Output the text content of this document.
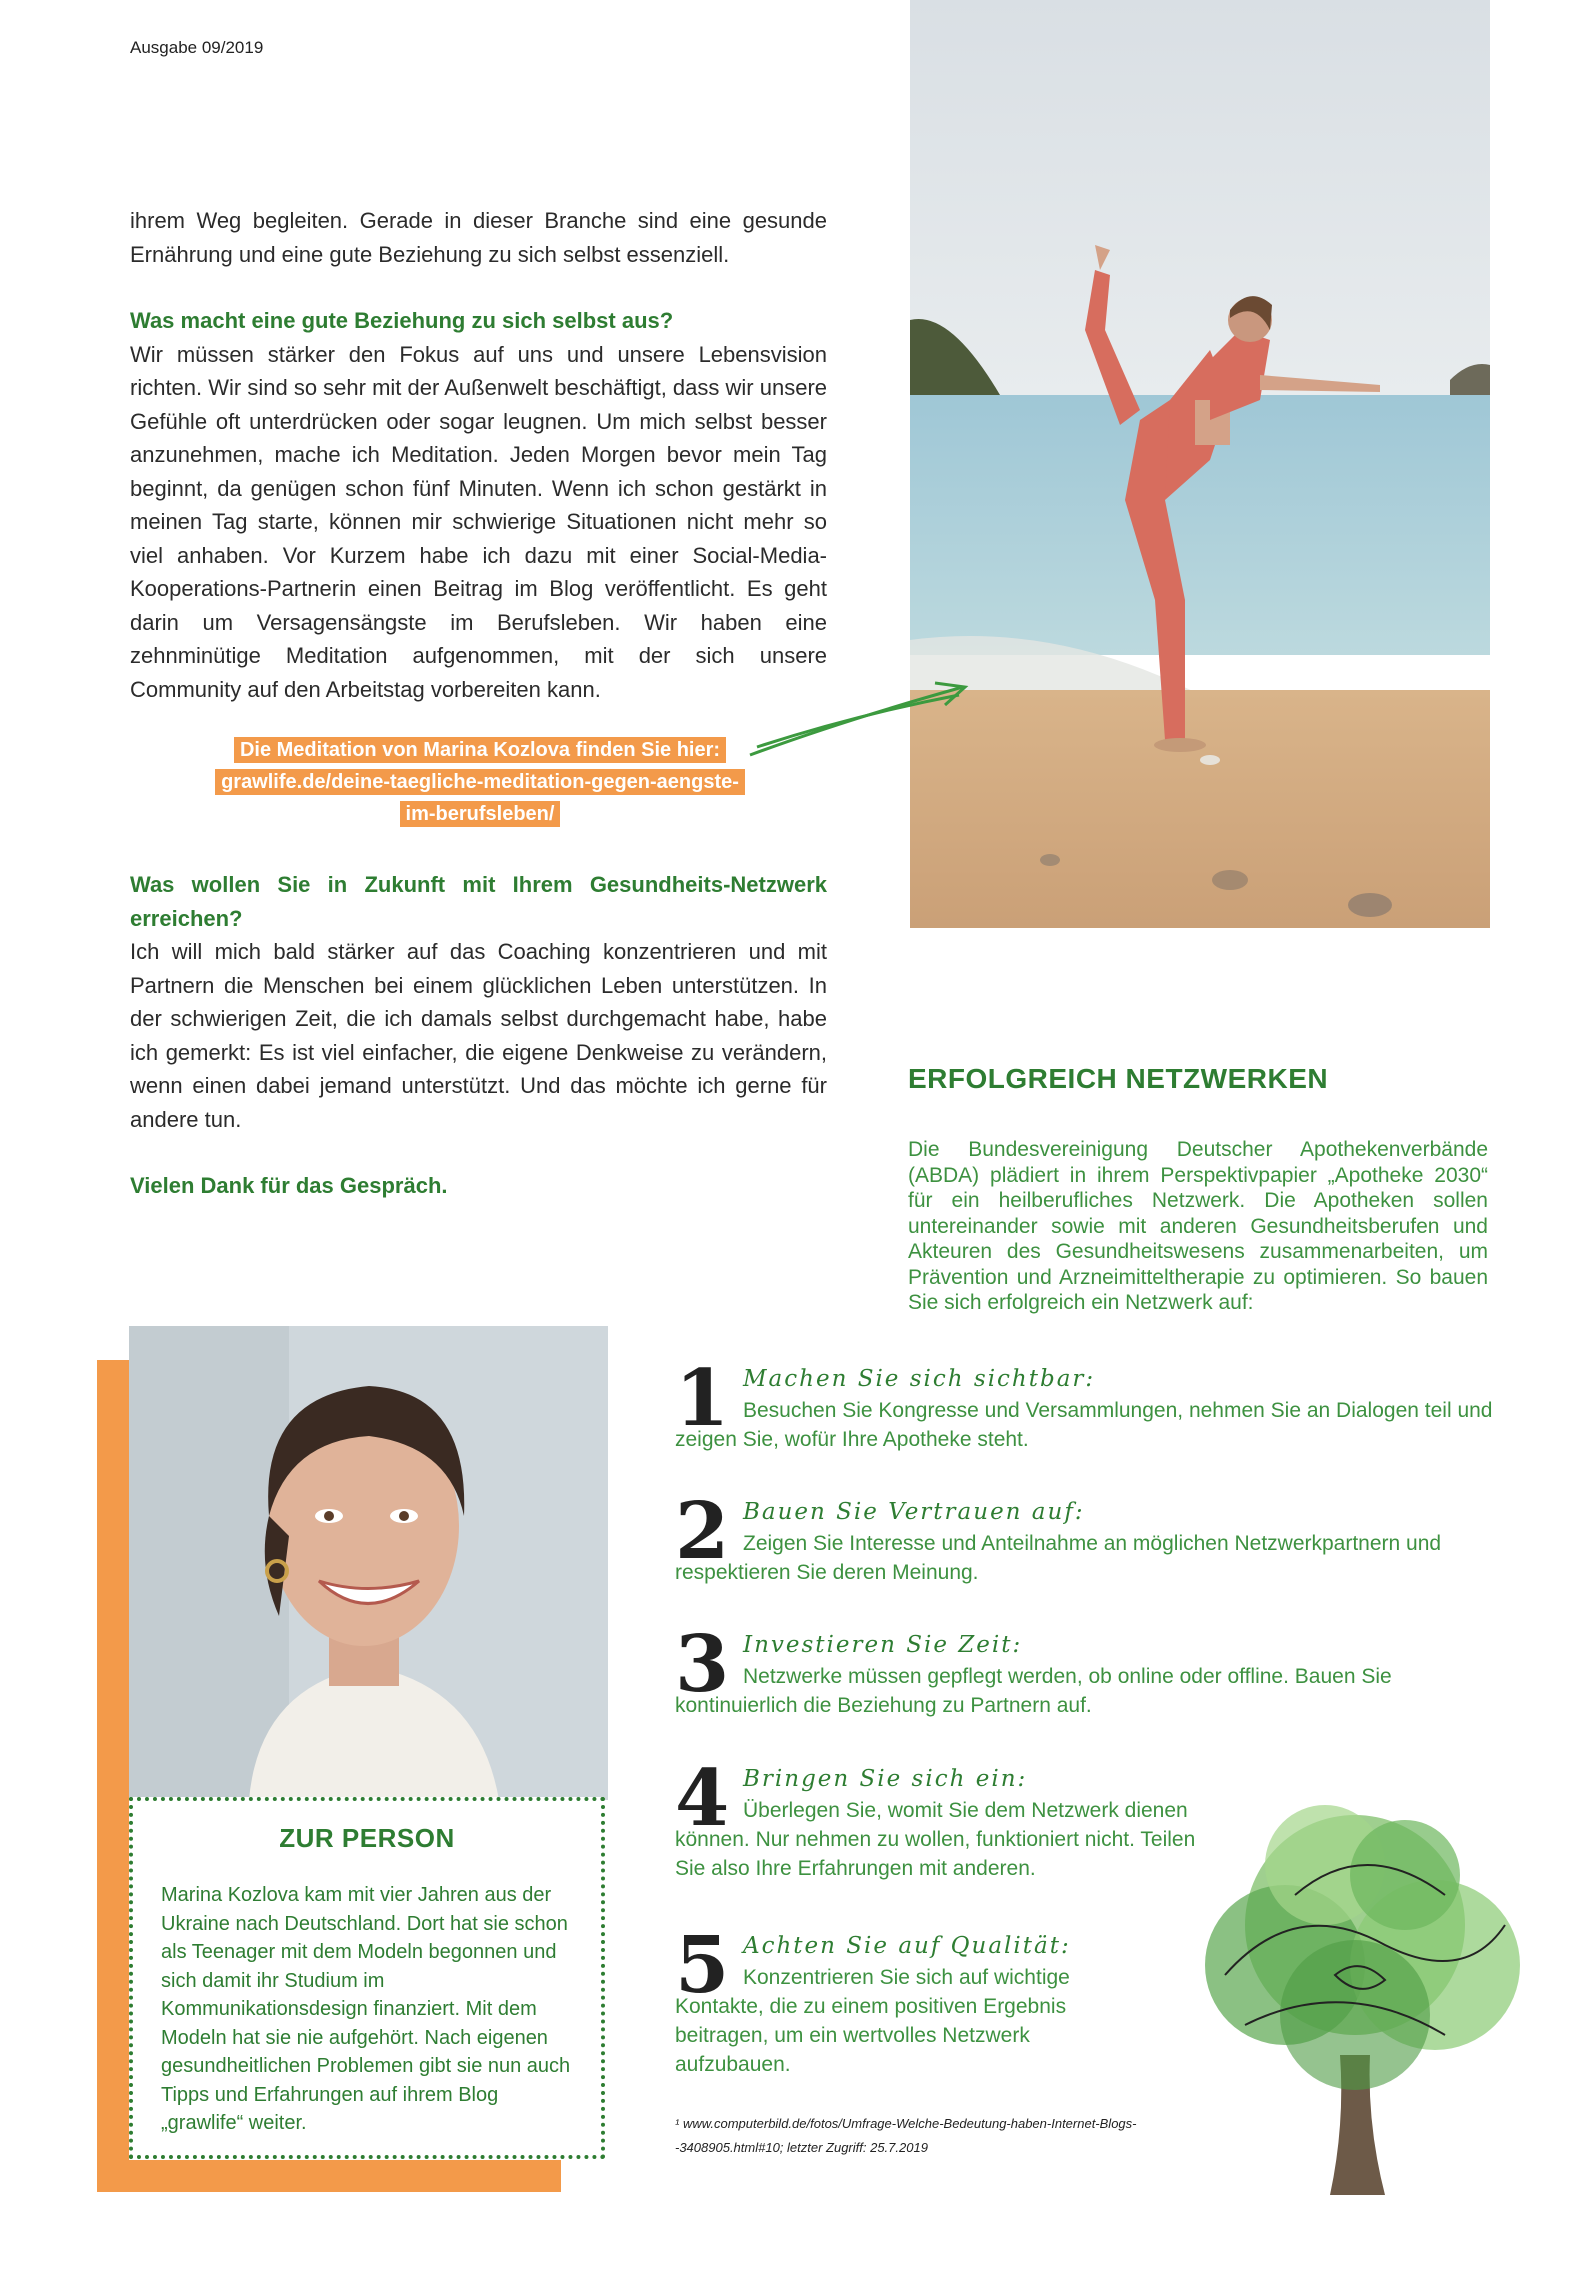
Ausgabe 09/2019

ihrem Weg begleiten. Gerade in dieser Branche sind eine gesunde Ernährung und eine gute Beziehung zu sich selbst essenziell.

Was macht eine gute Beziehung zu sich selbst aus?

Wir müssen stärker den Fokus auf uns und unsere Lebensvision richten. Wir sind so sehr mit der Außenwelt beschäftigt, dass wir unsere Gefühle oft unterdrücken oder sogar leugnen. Um mich selbst besser anzunehmen, mache ich Meditation. Jeden Morgen bevor mein Tag beginnt, da genügen schon fünf Minuten. Wenn ich schon gestärkt in meinen Tag starte, können mir schwierige Situationen nicht mehr so viel anhaben. Vor Kurzem habe ich dazu mit einer Social-Media-Kooperations-Partnerin einen Beitrag im Blog veröffentlicht. Es geht darin um Versagensängste im Berufsleben. Wir haben eine zehnminütige Meditation aufgenommen, mit der sich unsere Community auf den Arbeitstag vorbereiten kann.

Die Meditation von Marina Kozlova finden Sie hier:
grawlife.de/deine-taegliche-meditation-gegen-aengste-
im-berufsleben/

Was wollen Sie in Zukunft mit Ihrem Gesundheits-Netzwerk erreichen?

Ich will mich bald stärker auf das Coaching konzentrieren und mit Partnern die Menschen bei einem glücklichen Leben unterstützen. In der schwierigen Zeit, die ich damals selbst durchgemacht habe, habe ich gemerkt: Es ist viel einfacher, die eigene Denkweise zu verändern, wenn einen dabei jemand unterstützt. Und das möchte ich gerne für andere tun.

Vielen Dank für das Gespräch.

ZUR PERSON
Marina Kozlova kam mit vier Jahren aus der Ukraine nach Deutschland. Dort hat sie schon als Teenager mit dem Modeln begonnen und sich damit ihr Studium im Kommunikationsdesign finanziert. Mit dem Modeln hat sie nie aufgehört. Nach eigenen gesundheitlichen Problemen gibt sie nun auch Tipps und Erfahrungen auf ihrem Blog „grawlife“ weiter.
ERFOLGREICH NETZWERKEN
Die Bundesvereinigung Deutscher Apothekenverbände (ABDA) plädiert in ihrem Perspektivpapier „Apotheke 2030“ für ein heilberufliches Netzwerk. Die Apotheken sollen untereinander sowie mit anderen Gesundheitsberufen und Akteuren des Gesundheitswesens zusammenarbeiten, um Prävention und Arzneimitteltherapie zu optimieren. So bauen Sie sich erfolgreich ein Netzwerk auf:
1 Machen Sie sich sichtbar:
Besuchen Sie Kongresse und Versammlungen, nehmen Sie an Dialogen teil und zeigen Sie, wofür Ihre Apotheke steht.
2 Bauen Sie Vertrauen auf:
Zeigen Sie Interesse und Anteilnahme an möglichen Netzwerkpartnern und respektieren Sie deren Meinung.
3 Investieren Sie Zeit:
Netzwerke müssen gepflegt werden, ob online oder offline. Bauen Sie kontinuierlich die Beziehung zu Partnern auf.
4 Bringen Sie sich ein:
Überlegen Sie, womit Sie dem Netzwerk dienen können. Nur nehmen zu wollen, funktioniert nicht. Teilen Sie also Ihre Erfahrungen mit anderen.
5 Achten Sie auf Qualität:
Konzentrieren Sie sich auf wichtige Kontakte, die zu einem positiven Ergebnis beitragen, um ein wertvolles Netzwerk aufzubauen.
¹ www.computerbild.de/fotos/Umfrage-Welche-Bedeutung-haben-Internet-Blogs--3408905.html#10; letzter Zugriff: 25.7.2019
